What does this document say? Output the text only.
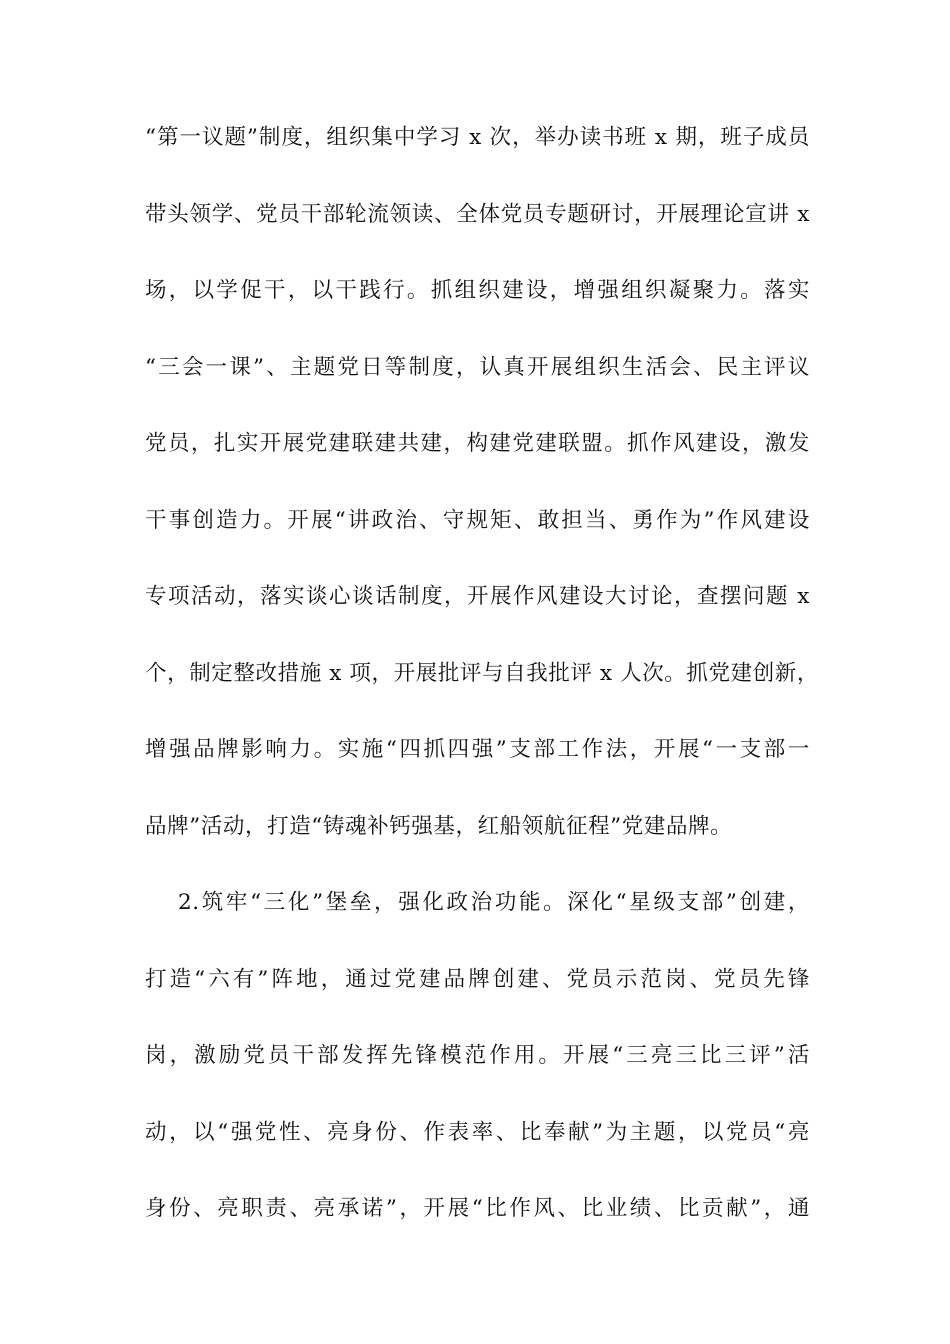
“第一议题”制度，组织集中学习 x 次，举办读书班 x 期，班子成员
带头领学、党员干部轮流领读、全体党员专题研讨，开展理论宣讲 x
场，以学促干，以干践行。抓组织建设，增强组织凝聚力。落实
“三会一课”、主题党日等制度，认真开展组织生活会、民主评议
党员，扎实开展党建联建共建，构建党建联盟。抓作风建设，激发
干事创造力。开展“讲政治、守规矩、敢担当、勇作为”作风建设
专项活动，落实谈心谈话制度，开展作风建设大讨论，查摆问题 x
个，制定整改措施 x 项，开展批评与自我批评 x 人次。抓党建创新，
增强品牌影响力。实施“四抓四强”支部工作法，开展“一支部一
品牌”活动，打造“铸魂补钙强基，红船领航征程”党建品牌。
2.筑牢“三化”堡垒，强化政治功能。深化“星级支部”创建，
打造“六有”阵地，通过党建品牌创建、党员示范岗、党员先锋
岗，激励党员干部发挥先锋模范作用。开展“三亮三比三评”活
动，以“强党性、亮身份、作表率、比奉献”为主题，以党员“亮
身份、亮职责、亮承诺”，开展“比作风、比业绩、比贡献”，通
